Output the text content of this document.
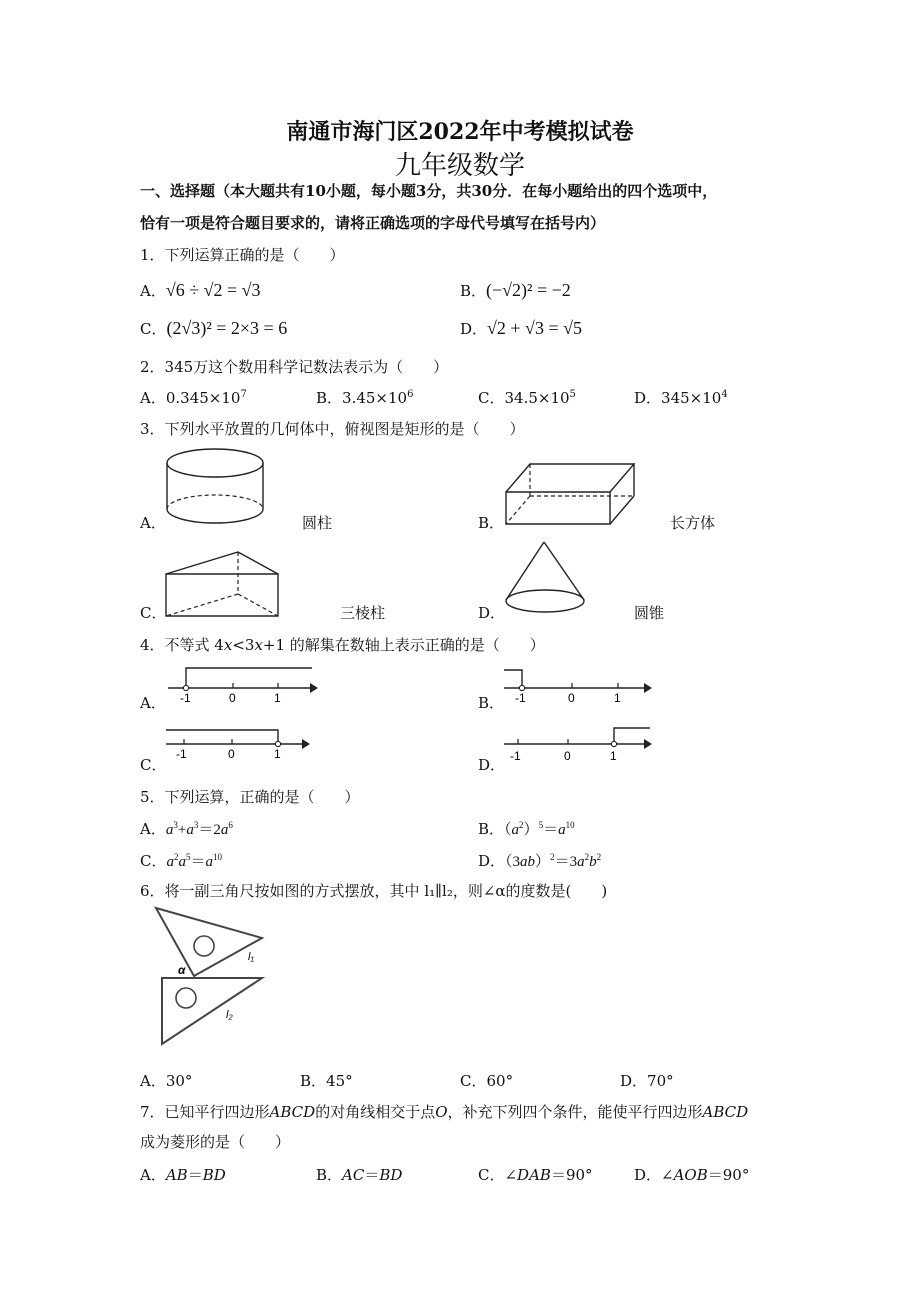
南通市海门区2022年中考模拟试卷
九年级数学
一、选择题（本大题共有10小题，每小题3分，共30分．在每小题给出的四个选项中，
恰有一项是符合题目要求的，请将正确选项的字母代号填写在括号内）
1．下列运算正确的是（　　）
A．√6 ÷ √2 = √3	B．(−√2)² = −2
C．(2√3)² = 2×3 = 6	D．√2 + √3 = √5
2．345万这个数用科学记数法表示为（　　）
A．$0.345\times 10^7$	B．$3.45\times 10^6$	C．$34.5\times 10^5$	D．$345\times 10^4$
3．下列水平放置的几何体中，俯视图是矩形的是（　　）
A．	圆柱	B．	长方体
C．	三棱柱	D．	圆锥
4．不等式 4x<3x+1 的解集在数轴上表示正确的是（　　）
A． -1	0	1	B． -1	0	1
C．
-1	0	1
D． -1	0	1
5．下列运算，正确的是（　　）
A．$a^3+a^3=2a^6$	B．$(a^2)^5=a^{10}$
C．$a^2a^5=a^{10}$	D．$(3ab)^2=3a^2b^2$
6．将一副三角尺按如图的方式摆放，其中 l₁∥l₂，则∠α的度数是(　　)
α
l₁
l₂
A．30°	B．45°	C．60°	D．70°
7．已知平行四边形ABCD的对角线相交于点O，补充下列四个条件，能使平行四边形ABCD
成为菱形的是（　　）
A．AB＝BD	B．AC＝BD	C．∠DAB＝90°	D．∠AOB＝90°
